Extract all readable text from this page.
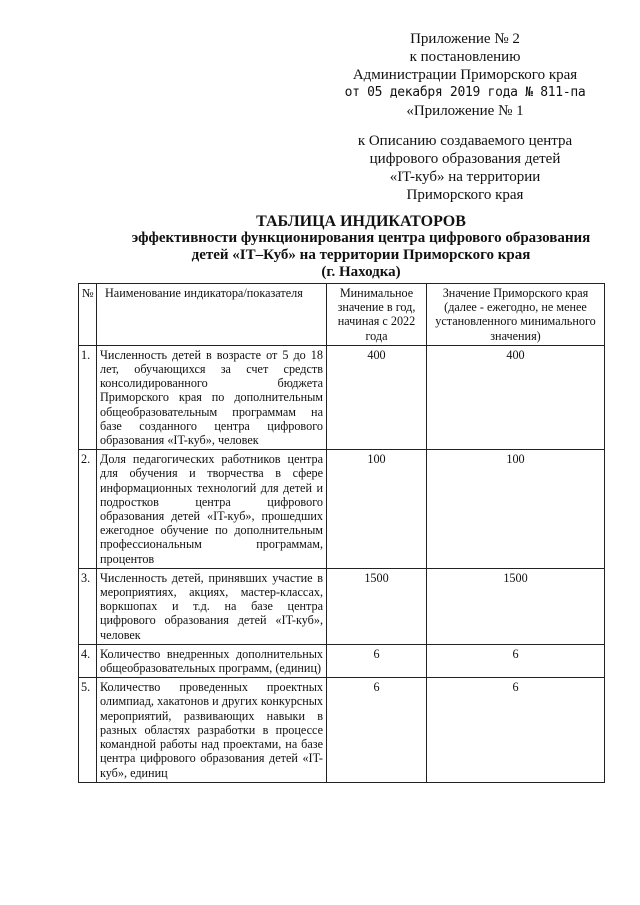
Приложение № 2
к постановлению
Администрации Приморского края
от 05 декабря 2019 года № 811-па
«Приложение № 1
к Описанию создаваемого центра
цифрового образования детей
«IT-куб» на территории
Приморского края
ТАБЛИЦА ИНДИКАТОРОВ
эффективности функционирования центра цифрового образования
детей «IT–Куб» на территории Приморского края
(г. Находка)
№	Наименование индикатора/показателя	Минимальное значение в год, начиная с 2022 года	Значение Приморского края (далее - ежегодно, не менее установленного минимального значения)
1.	Численность детей в возрасте от 5 до 18 лет, обучающихся за счет средств консолидированного бюджета Приморского края по дополнительным общеобразовательным программам на базе созданного центра цифрового образования «IT-куб», человек	400	400
2.	Доля педагогических работников центра для обучения и творчества в сфере информационных технологий для детей и подростков центра цифрового образования детей «IT-куб», прошедших ежегодное обучение по дополнительным профессиональным программам, процентов	100	100
3.	Численность детей, принявших участие в мероприятиях, акциях, мастер-классах, воркшопах и т.д. на базе центра цифрового образования детей «IT-куб», человек	1500	1500
4.	Количество внедренных дополнительных общеобразовательных программ, (единиц)	6	6
5.	Количество проведенных проектных олимпиад, хакатонов и других конкурсных мероприятий, развивающих навыки в разных областях разработки в процессе командной работы над проектами, на базе центра цифрового образования детей «IT-куб», единиц	6	6
